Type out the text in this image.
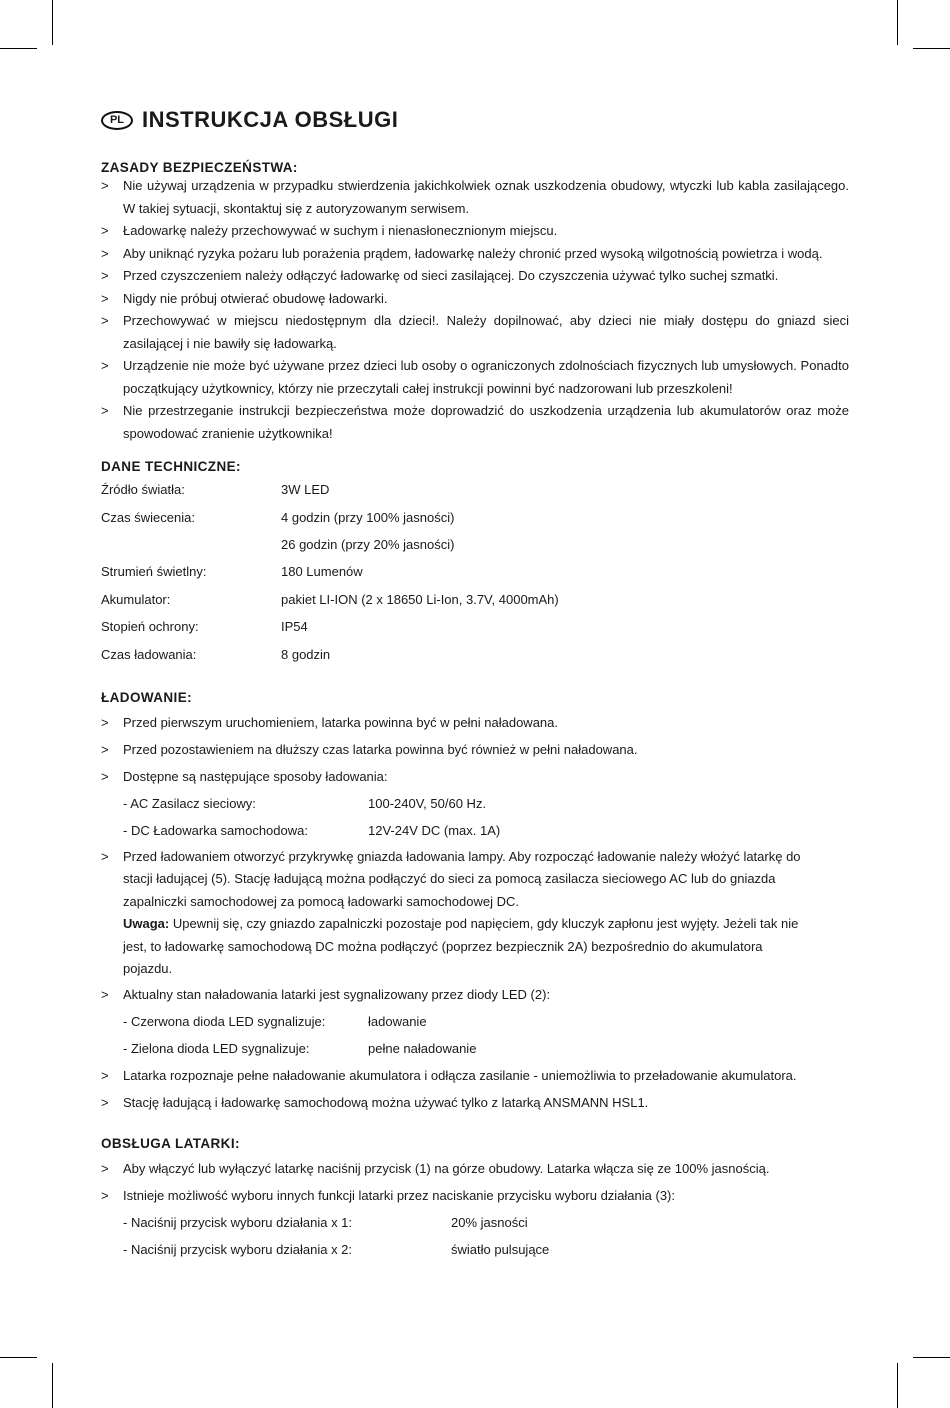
PL INSTRUKCJA OBSŁUGI
ZASADY BEZPIECZEŃSTWA:
>	Nie używaj urządzenia w przypadku stwierdzenia jakichkolwiek oznak uszkodzenia obudowy, wtyczki lub kabla zasilającego. W takiej sytuacji, skontaktuj się z autoryzowanym serwisem.
>	Ładowarkę należy przechowywać w suchym i nienasłonecznionym miejscu.
>	Aby uniknąć ryzyka pożaru lub porażenia prądem, ładowarkę należy chronić przed wysoką wilgotnością powietrza i wodą.
>	Przed czyszczeniem należy odłączyć ładowarkę od sieci zasilającej. Do czyszczenia używać tylko suchej szmatki.
>	Nigdy nie próbuj otwierać obudowę ładowarki.
>	Przechowywać w miejscu niedostępnym dla dzieci!. Należy dopilnować, aby dzieci nie miały dostępu do gniazd sieci zasilającej i nie bawiły się ładowarką.
>	Urządzenie nie może być używane przez dzieci lub osoby o ograniczonych zdolnościach fizycznych lub umysłowych. Ponadto początkujący użytkownicy, którzy nie przeczytali całej instrukcji powinni być nadzorowani lub przeszkoleni!
>	Nie przestrzeganie instrukcji bezpieczeństwa może doprowadzić do uszkodzenia urządzenia lub akumulatorów oraz może spowodować zranienie użytkownika!
DANE TECHNICZNE:
Źródło światła:	3W LED
Czas świecenia:	4 godzin (przy 100% jasności)
26 godzin (przy 20% jasności)
Strumień świetlny:	180 Lumenów
Akumulator:	pakiet LI-ION (2 x 18650 Li-Ion, 3.7V, 4000mAh)
Stopień ochrony:	IP54
Czas ładowania:	8 godzin
ŁADOWANIE:
>	Przed pierwszym uruchomieniem, latarka powinna być w pełni naładowana.
>	Przed pozostawieniem na dłuższy czas latarka powinna być również w pełni naładowana.
>	Dostępne są następujące sposoby ładowania:
- AC Zasilacz sieciowy:	100-240V, 50/60 Hz.
- DC Ładowarka samochodowa:	12V-24V DC (max. 1A)
>	Przed ładowaniem otworzyć przykrywkę gniazda ładowania lampy. Aby rozpocząć ładowanie należy włożyć latarkę do stacji ładującej (5). Stację ładującą można podłączyć do sieci za pomocą zasilacza sieciowego AC lub do gniazda zapalniczki samochodowej za pomocą ładowarki samochodowej DC.
Uwaga: Upewnij się, czy gniazdo zapalniczki pozostaje pod napięciem, gdy kluczyk zapłonu jest wyjęty. Jeżeli tak nie jest, to ładowarkę samochodową DC można podłączyć (poprzez bezpiecznik 2A) bezpośrednio do akumulatora pojazdu.
>	Aktualny stan naładowania latarki jest sygnalizowany przez diody LED (2):
- Czerwona dioda LED sygnalizuje:	ładowanie
- Zielona dioda LED sygnalizuje:	pełne naładowanie
>	Latarka rozpoznaje pełne naładowanie akumulatora i odłącza zasilanie - uniemożliwia to przeładowanie akumulatora.
>	Stację ładującą i ładowarkę samochodową można używać tylko z latarką ANSMANN HSL1.
OBSŁUGA LATARKI:
>	Aby włączyć lub wyłączyć latarkę naciśnij przycisk (1) na górze obudowy. Latarka włącza się ze 100% jasnością.
>	Istnieje możliwość wyboru innych funkcji latarki przez naciskanie przycisku wyboru działania (3):
- Naciśnij przycisk wyboru działania x 1:	20% jasności
- Naciśnij przycisk wyboru działania x 2:	światło pulsujące
